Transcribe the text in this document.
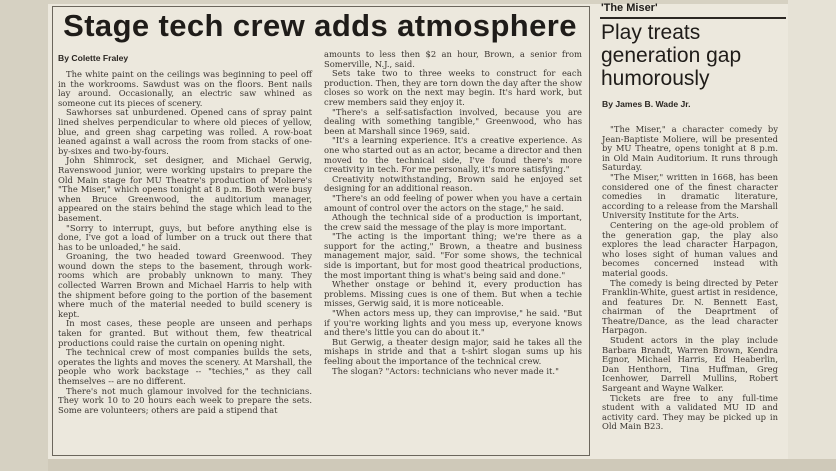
Stage tech crew adds atmosphere
By Colette Fraley

The white paint on the ceilings was beginning to peel off in the workrooms. Sawdust was on the floors. Bent nails lay around. Occasionally, an electric saw whined as someone cut its pieces of scenery.

Sawhorses sat unburdened. Opened cans of spray paint lined shelves perpendicular to where old pieces of yellow, blue, and green shag carpeting was rolled. A row-boat leaned against a wall across the room from stacks of one-by-sixes and two-by-fours.

John Shimrock, set designer, and Michael Gerwig, Ravenswood junior, were working upstairs to prepare the Old Main stage for MU Theatre's production of Moliere's "The Miser," which opens tonight at 8 p.m. Both were busy when Bruce Greenwood, the auditorium manager, appeared on the stairs behind the stage which lead to the basement.

"Sorry to interrupt, guys, but before anything else is done, I've got a load of lumber on a truck out there that has to be unloaded," he said.

Groaning, the two headed toward Greenwood. They wound down the steps to the basement, through work-rooms which are probably unknown to many. They collected Warren Brown and Michael Harris to help with the shipment before going to the portion of the basement where much of the material needed to build scenery is kept.

In most cases, these people are unseen and perhaps taken for granted. But without them, few theatrical productions could raise the curtain on opening night.

The technical crew of most companies builds the sets, operates the lights and moves the scenery. At Marshall, the people who work backstage -- "techies," as they call themselves -- are no different.

There's not much glamour involved for the technicians. They work 10 to 20 hours each week to prepare the sets. Some are volunteers; others are paid a stipend that

amounts to less then $2 an hour, Brown, a senior from Somerville, N.J., said.

Sets take two to three weeks to construct for each production. Then, they are torn down the day after the show closes so work on the next may begin. It's hard work, but crew members said they enjoy it.

"There's a self-satisfaction involved, because you are dealing with something tangible," Greenwood, who has been at Marshall since 1969, said.

"It's a learning experience. It's a creative experience. As one who started out as an actor, became a director and then moved to the technical side, I've found there's more creativity in tech. For me personally, it's more satisfying."

Creativity notwithstanding, Brown said he enjoyed set designing for an additional reason.

"There's an odd feeling of power when you have a certain amount of control over the actors on the stage," he said.

Athough the technical side of a production is important, the crew said the message of the play is more important.

"The acting is the important thing; we're there as a support for the acting," Brown, a theatre and business management major, said. "For some shows, the technical side is important, but for most good theatrical productions, the most important thing is what's being said and done."

Whether onstage or behind it, every production has problems. Missing cues is one of them. But when a techie misses, Gerwig said, it is more noticeable.

"When actors mess up, they can improvise," he said. "But if you're working lights and you mess up, everyone knows and there's little you can do about it."

But Gerwig, a theater design major, said he takes all the mishaps in stride and that a t-shirt slogan sums up his feeling about the importance of the technical crew.

The slogan? "Actors: technicians who never made it."

'The Miser'
Play treats generation gap humorously
By James B. Wade Jr.

"The Miser," a character comedy by Jean-Baptiste Moliere, will be presented by MU Theatre, opens tonight at 8 p.m. in Old Main Auditorium. It runs through Saturday.

"The Miser," written in 1668, has been considered one of the finest character comedies in dramatic literature, according to a release from the Marshall University Institute for the Arts.

Centering on the age-old problem of the generation gap, the play also explores the lead character Harpagon, who loses sight of human values and becomes concerned instead with material goods.

The comedy is being directed by Peter Franklin-White, guest artist in residence, and features Dr. N. Bennett East, chairman of the Deaprtment of Theatre/Dance, as the lead character Harpagon.

Student actors in the play include Barbara Brandt, Warren Brown, Kendra Egnor, Michael Harris, Ed Heaberlin, Dan Henthorn, Tina Huffman, Greg Icenhower, Darrell Mullins, Robert Sargeant and Wayne Walker.

Tickets are free to any full-time student with a validated MU ID and activity card. They may be picked up in Old Main B23.
